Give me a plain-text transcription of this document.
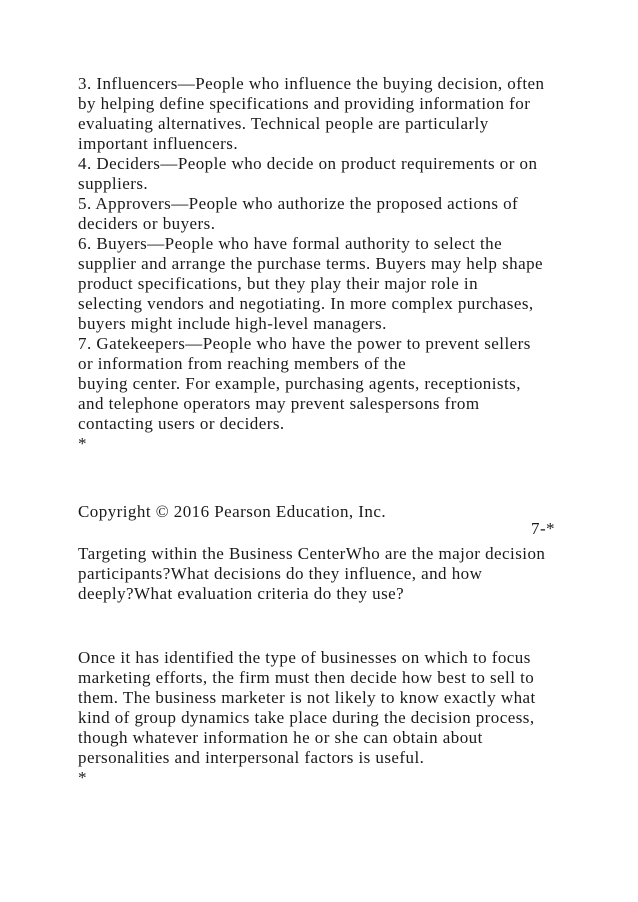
3. Influencers—People who influence the buying decision, often

by helping define specifications and providing information for

evaluating alternatives. Technical people are particularly

important influencers.

4. Deciders—People who decide on product requirements or on

suppliers.

5. Approvers—People who authorize the proposed actions of

deciders or buyers.

6. Buyers—People who have formal authority to select the

supplier and arrange the purchase terms. Buyers may help shape

product specifications, but they play their major role in

selecting vendors and negotiating. In more complex purchases,

buyers might include high-level managers.

7. Gatekeepers—People who have the power to prevent sellers

or information from reaching members of the

buying center. For example, purchasing agents, receptionists,

and telephone operators may prevent salespersons from

contacting users or deciders.

*

Copyright © 2016 Pearson Education, Inc.

7-*

Targeting within the Business CenterWho are the major decision

participants?What decisions do they influence, and how

deeply?What evaluation criteria do they use?

Once it has identified the type of businesses on which to focus

marketing efforts, the firm must then decide how best to sell to

them. The business marketer is not likely to know exactly what

kind of group dynamics take place during the decision process,

though whatever information he or she can obtain about

personalities and interpersonal factors is useful.

*
